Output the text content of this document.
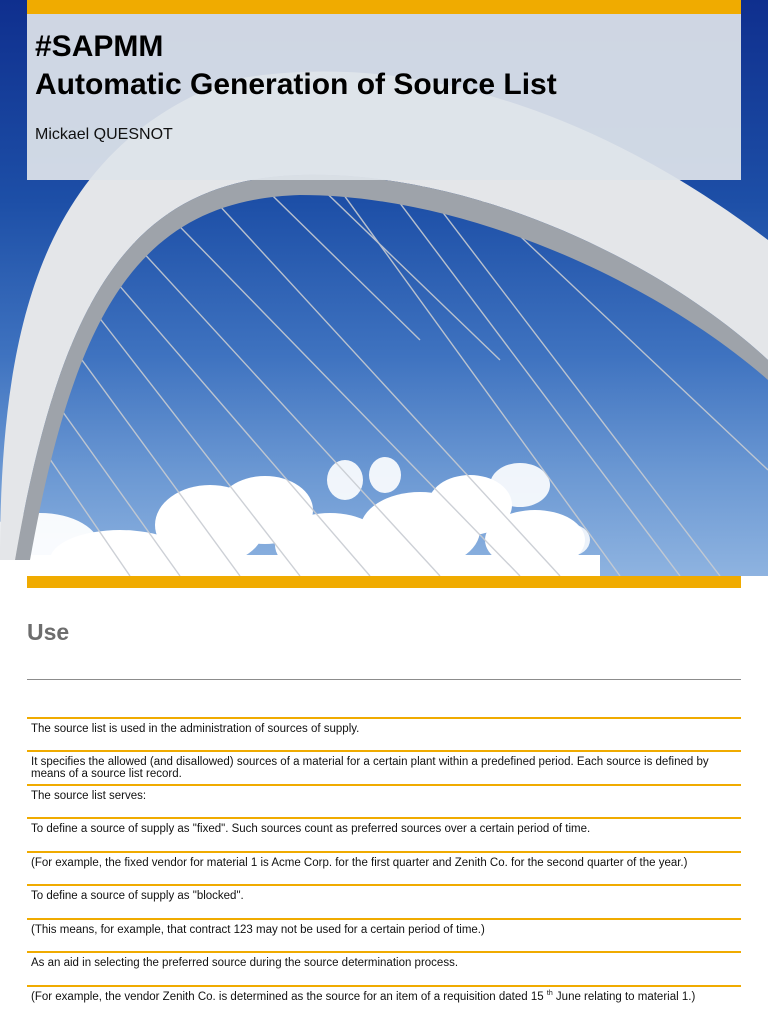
#SAPMM
Automatic Generation of Source List
Mickael QUESNOT
Use
The source list is used in the administration of sources of supply.
It specifies the allowed (and disallowed) sources of a material for a certain plant within a predefined period. Each source is defined by means of a source list record.
The source list serves:
To define a source of supply as "fixed". Such sources count as preferred sources over a certain period of time.
(For example, the fixed vendor for material 1 is Acme Corp. for the first quarter and Zenith Co. for the second quarter of the year.)
To define a source of supply as "blocked".
(This means, for example, that contract 123 may not be used for a certain period of time.)
As an aid in selecting the preferred source during the source determination process.
(For example, the vendor Zenith Co. is determined as the source for an item of a requisition dated 15 $^{th}$ June relating to material 1.)
